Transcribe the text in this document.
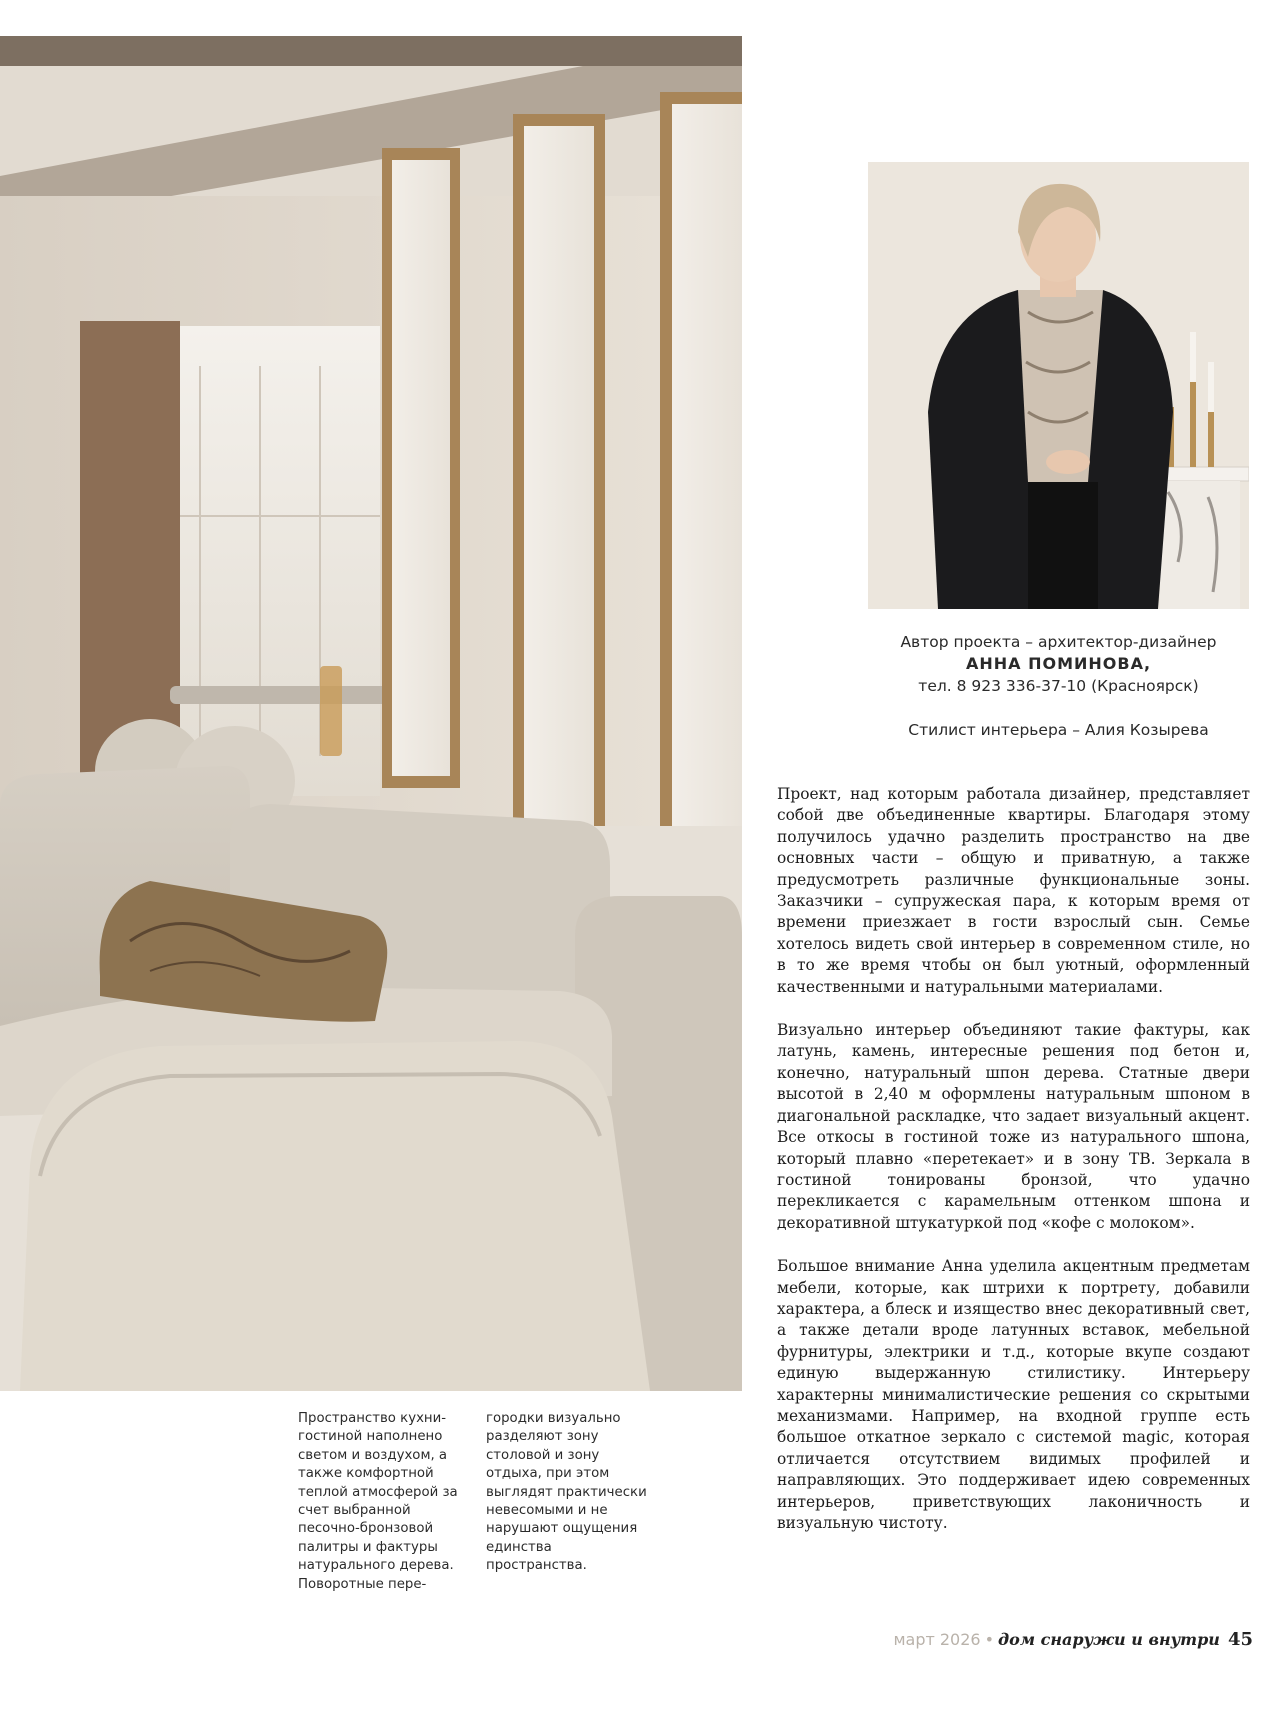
Автор проекта – архитектор-дизайнер
АННА ПОМИНОВА,
тел. 8 923 336-37-10 (Красноярск)
Стилист интерьера – Алия Козырева

Проект, над которым работала дизайнер, представляет собой две объединенные квартиры. Благодаря этому получилось удачно разделить пространство на две основных части – общую и приватную, а также предусмотреть различные функциональные зоны. Заказчики – супружеская пара, к которым время от времени приезжает в гости взрослый сын. Семье хотелось видеть свой интерьер в современном стиле, но в то же время чтобы он был уютный, оформленный качественными и натуральными материалами.

Визуально интерьер объединяют такие фактуры, как латунь, камень, интересные решения под бетон и, конечно, натуральный шпон дерева. Статные двери высотой в 2,40 м оформлены натуральным шпоном в диагональной раскладке, что задает визуальный акцент. Все откосы в гостиной тоже из натурального шпона, который плавно «перетекает» и в зону ТВ. Зеркала в гостиной тонированы бронзой, что удачно перекликается с карамельным оттенком шпона и декоративной штукатуркой под «кофе с молоком».

Большое внимание Анна уделила акцентным предметам мебели, которые, как штрихи к портрету, добавили характера, а блеск и изящество внес декоративный свет, а также детали вроде латунных вставок, мебельной фурнитуры, электрики и т.д., которые вкупе создают единую выдержанную стилистику. Интерьеру характерны минималистические решения со скрытыми механизмами. Например, на входной группе есть большое откатное зеркало с системой magic, которая отличается отсутствием видимых профилей и направляющих. Это поддерживает идею современных интерьеров, приветствующих лаконичность и визуальную чистоту.

Пространство кухни-гостиной наполнено светом и воздухом, а также комфортной теплой атмосферой за счет выбранной песочно-бронзовой палитры и фактуры натурального дерева. Поворотные пере-
городки визуально разделяют зону столовой и зону отдыха, при этом выглядят практически невесомыми и не нарушают ощущения единства пространства.
март 2026 • дом снаружи и внутри 45
